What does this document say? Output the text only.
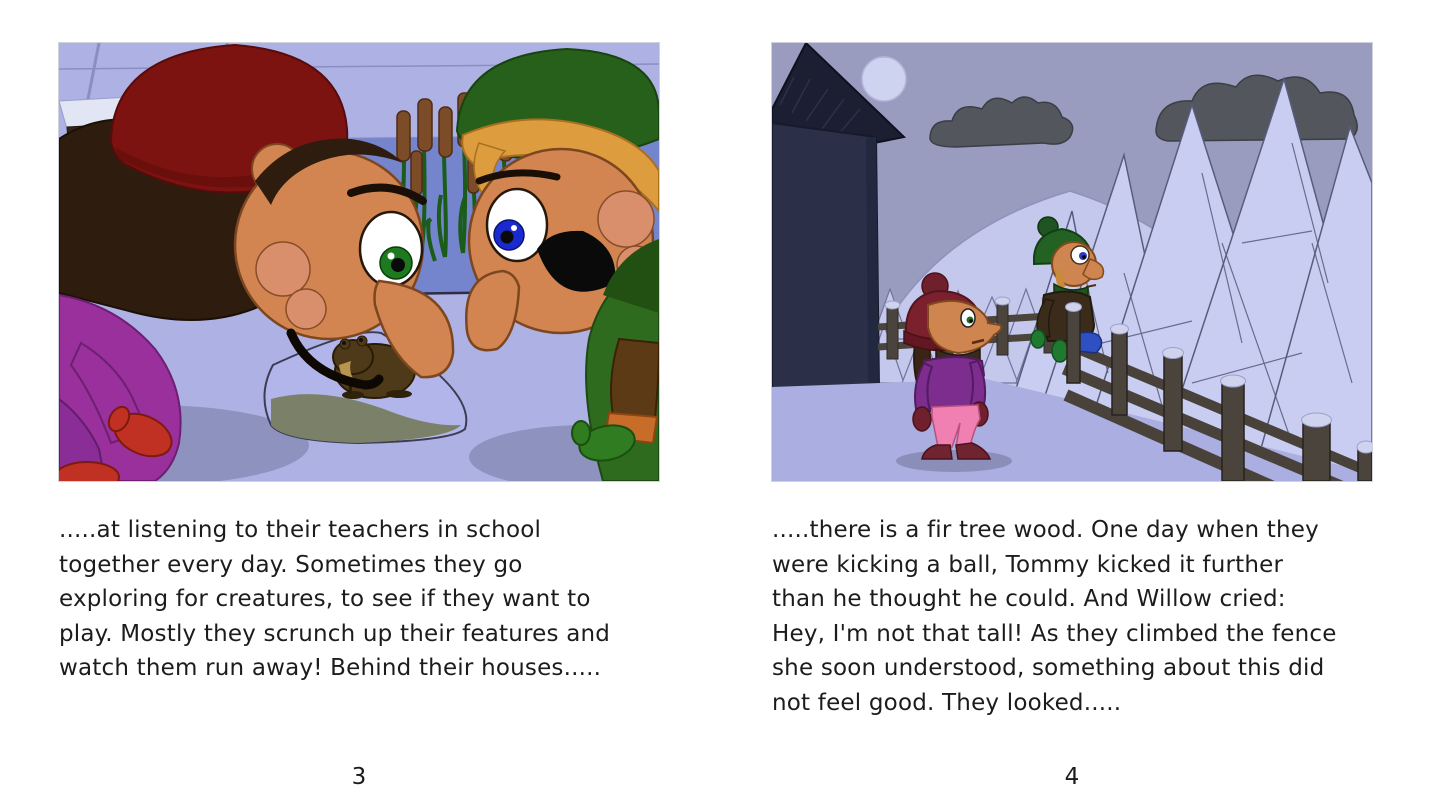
.....at listening to their teachers in school
together every day. Sometimes they go
exploring for creatures, to see if they want to
play. Mostly they scrunch up their features and
watch them run away! Behind their houses.....
.....there is a fir tree wood. One day when they
were kicking a ball, Tommy kicked it further
than he thought he could. And Willow cried:
Hey, I'm not that tall! As they climbed the fence
she soon understood, something about this did
not feel good. They looked.....
3	4
